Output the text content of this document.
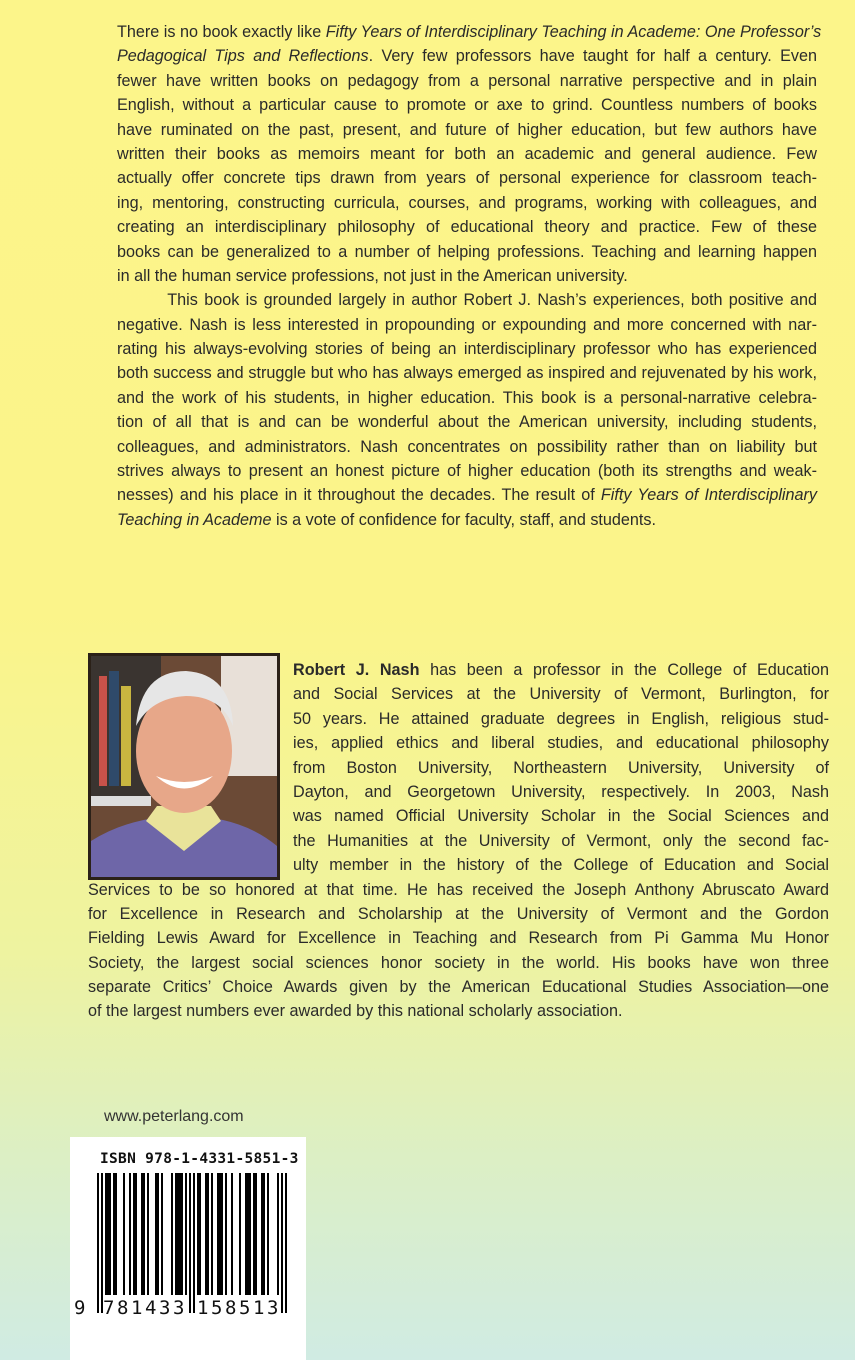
There is no book exactly like Fifty Years of Interdisciplinary Teaching in Academe: One Professor’s
Pedagogical Tips and Reflections. Very few professors have taught for half a century. Even
fewer have written books on pedagogy from a personal narrative perspective and in plain
English, without a particular cause to promote or axe to grind. Countless numbers of books
have ruminated on the past, present, and future of higher education, but few authors have
written their books as memoirs meant for both an academic and general audience. Few
actually offer concrete tips drawn from years of personal experience for classroom teach-
ing, mentoring, constructing curricula, courses, and programs, working with colleagues, and
creating an interdisciplinary philosophy of educational theory and practice. Few of these
books can be generalized to a number of helping professions. Teaching and learning happen
in all the human service professions, not just in the American university.
This book is grounded largely in author Robert J. Nash’s experiences, both positive and
negative. Nash is less interested in propounding or expounding and more concerned with nar-
rating his always-evolving stories of being an interdisciplinary professor who has experienced
both success and struggle but who has always emerged as inspired and rejuvenated by his work,
and the work of his students, in higher education. This book is a personal-narrative celebra-
tion of all that is and can be wonderful about the American university, including students,
colleagues, and administrators. Nash concentrates on possibility rather than on liability but
strives always to present an honest picture of higher education (both its strengths and weak-
nesses) and his place in it throughout the decades. The result of Fifty Years of Interdisciplinary
Teaching in Academe is a vote of confidence for faculty, staff, and students.
Robert J. Nash has been a professor in the College of Education
and Social Services at the University of Vermont, Burlington, for
50 years. He attained graduate degrees in English, religious stud-
ies, applied ethics and liberal studies, and educational philosophy
from Boston University, Northeastern University, University of
Dayton, and Georgetown University, respectively. In 2003, Nash
was named Official University Scholar in the Social Sciences and
the Humanities at the University of Vermont, only the second fac-
ulty member in the history of the College of Education and Social
Services to be so honored at that time. He has received the Joseph Anthony Abruscato Award
for Excellence in Research and Scholarship at the University of Vermont and the Gordon
Fielding Lewis Award for Excellence in Teaching and Research from Pi Gamma Mu Honor
Society, the largest social sciences honor society in the world. His books have won three
separate Critics’ Choice Awards given by the American Educational Studies Association—one
of the largest numbers ever awarded by this national scholarly association.
www.peterlang.com
ISBN 978-1-4331-5851-3
9 7 8 1 4 3 3 1 5 8 5 1 3
